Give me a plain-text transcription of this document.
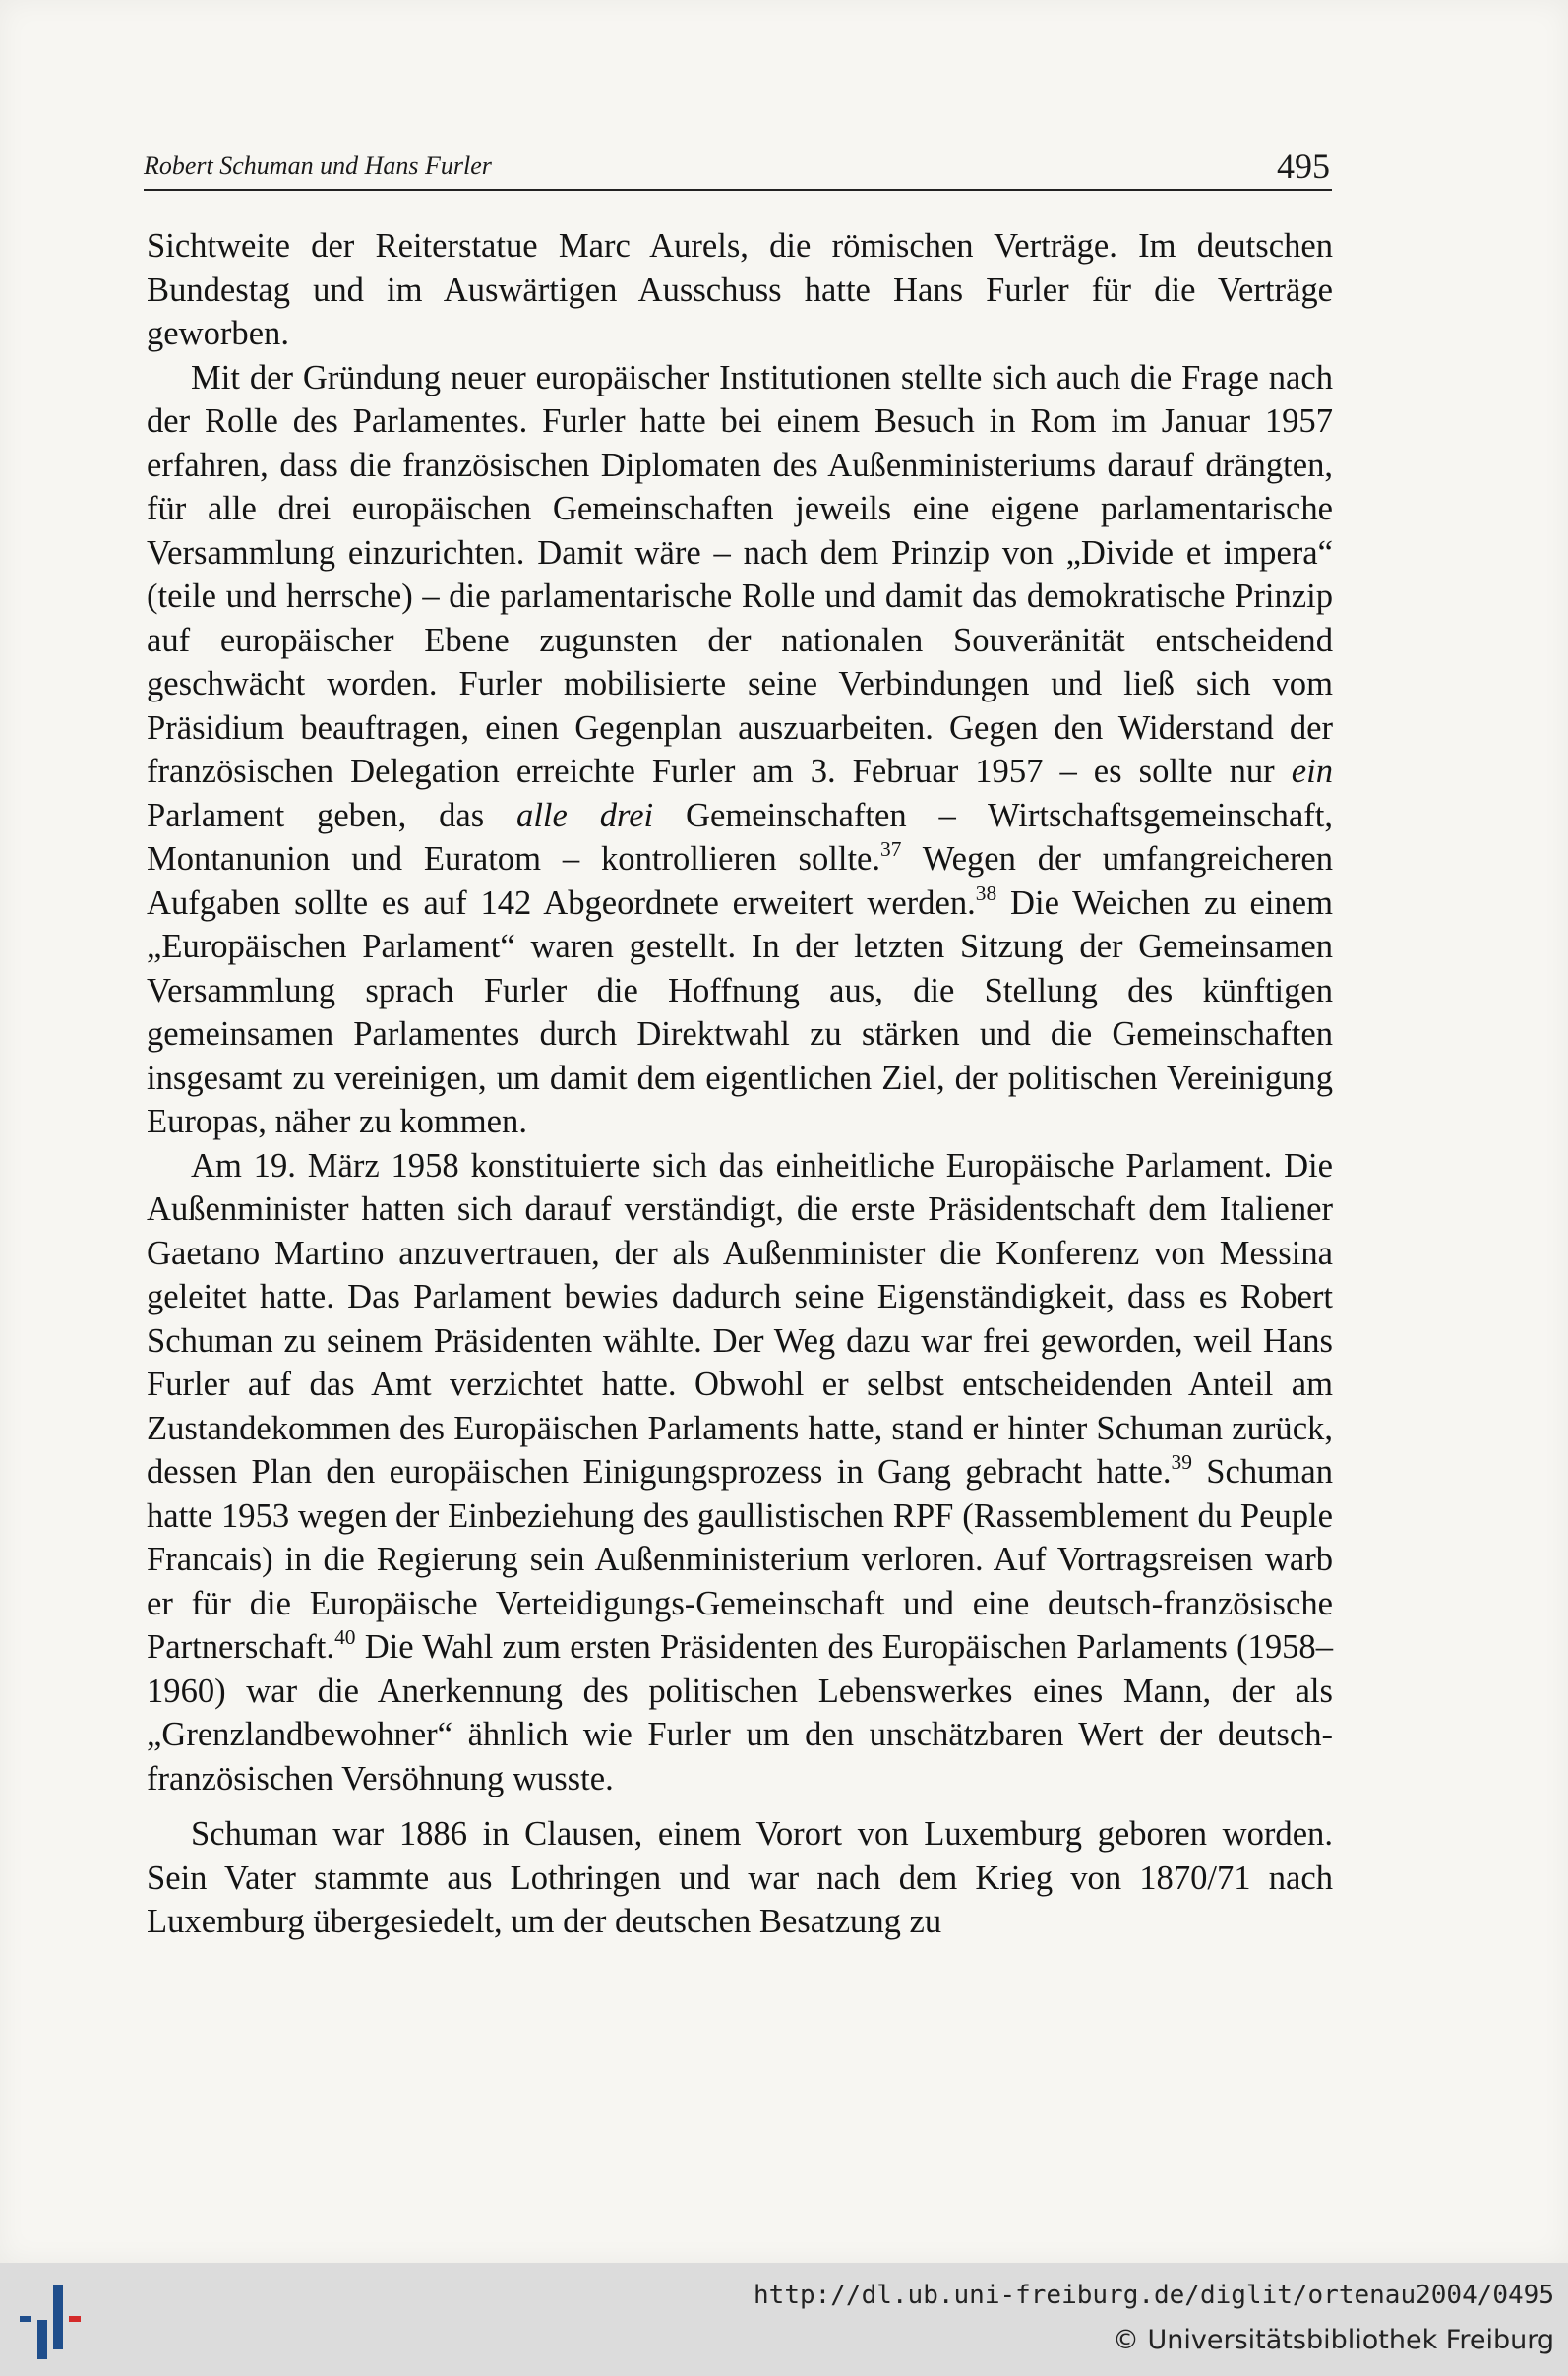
Robert Schuman und Hans Furler	495

Sichtweite der Reiterstatue Marc Aurels, die römischen Verträge. Im deutschen Bundestag und im Auswärtigen Ausschuss hatte Hans Furler für die Verträge geworben.

Mit der Gründung neuer europäischer Institutionen stellte sich auch die Frage nach der Rolle des Parlamentes. Furler hatte bei einem Besuch in Rom im Januar 1957 erfahren, dass die französischen Diplomaten des Außenministeriums darauf drängten, für alle drei europäischen Gemeinschaften jeweils eine eigene parlamentarische Versammlung einzurichten. Damit wäre – nach dem Prinzip von „Divide et impera“ (teile und herrsche) – die parlamentarische Rolle und damit das demokratische Prinzip auf europäischer Ebene zugunsten der nationalen Souveränität entscheidend geschwächt worden. Furler mobilisierte seine Verbindungen und ließ sich vom Präsidium beauftragen, einen Gegenplan auszuarbeiten. Gegen den Widerstand der französischen Delegation erreichte Furler am 3. Februar 1957 – es sollte nur ein Parlament geben, das alle drei Gemeinschaften – Wirtschaftsgemeinschaft, Montanunion und Euratom – kontrollieren sollte.$^{37}$ Wegen der umfangreicheren Aufgaben sollte es auf 142 Abgeordnete erweitert werden.$^{38}$ Die Weichen zu einem „Europäischen Parlament“ waren gestellt. In der letzten Sitzung der Gemeinsamen Versammlung sprach Furler die Hoffnung aus, die Stellung des künftigen gemeinsamen Parlamentes durch Direktwahl zu stärken und die Gemeinschaften insgesamt zu vereinigen, um damit dem eigentlichen Ziel, der politischen Vereinigung Europas, näher zu kommen.

Am 19. März 1958 konstituierte sich das einheitliche Europäische Parlament. Die Außenminister hatten sich darauf verständigt, die erste Präsidentschaft dem Italiener Gaetano Martino anzuvertrauen, der als Außenminister die Konferenz von Messina geleitet hatte. Das Parlament bewies dadurch seine Eigenständigkeit, dass es Robert Schuman zu seinem Präsidenten wählte. Der Weg dazu war frei geworden, weil Hans Furler auf das Amt verzichtet hatte. Obwohl er selbst entscheidenden Anteil am Zustandekommen des Europäischen Parlaments hatte, stand er hinter Schuman zurück, dessen Plan den europäischen Einigungsprozess in Gang gebracht hatte.$^{39}$ Schuman hatte 1953 wegen der Einbeziehung des gaullistischen RPF (Rassemblement du Peuple Francais) in die Regierung sein Außenministerium verloren. Auf Vortragsreisen warb er für die Europäische Verteidigungs-Gemeinschaft und eine deutsch-französische Partnerschaft.$^{40}$ Die Wahl zum ersten Präsidenten des Europäischen Parlaments (1958–1960) war die Anerkennung des politischen Lebenswerkes eines Mann, der als „Grenzlandbewohner“ ähnlich wie Furler um den unschätzbaren Wert der deutsch-französischen Versöhnung wusste.

Schuman war 1886 in Clausen, einem Vorort von Luxemburg geboren worden. Sein Vater stammte aus Lothringen und war nach dem Krieg von 1870/71 nach Luxemburg übergesiedelt, um der deutschen Besatzung zu

http://dl.ub.uni-freiburg.de/diglit/ortenau2004/0495
© Universitätsbibliothek Freiburg
